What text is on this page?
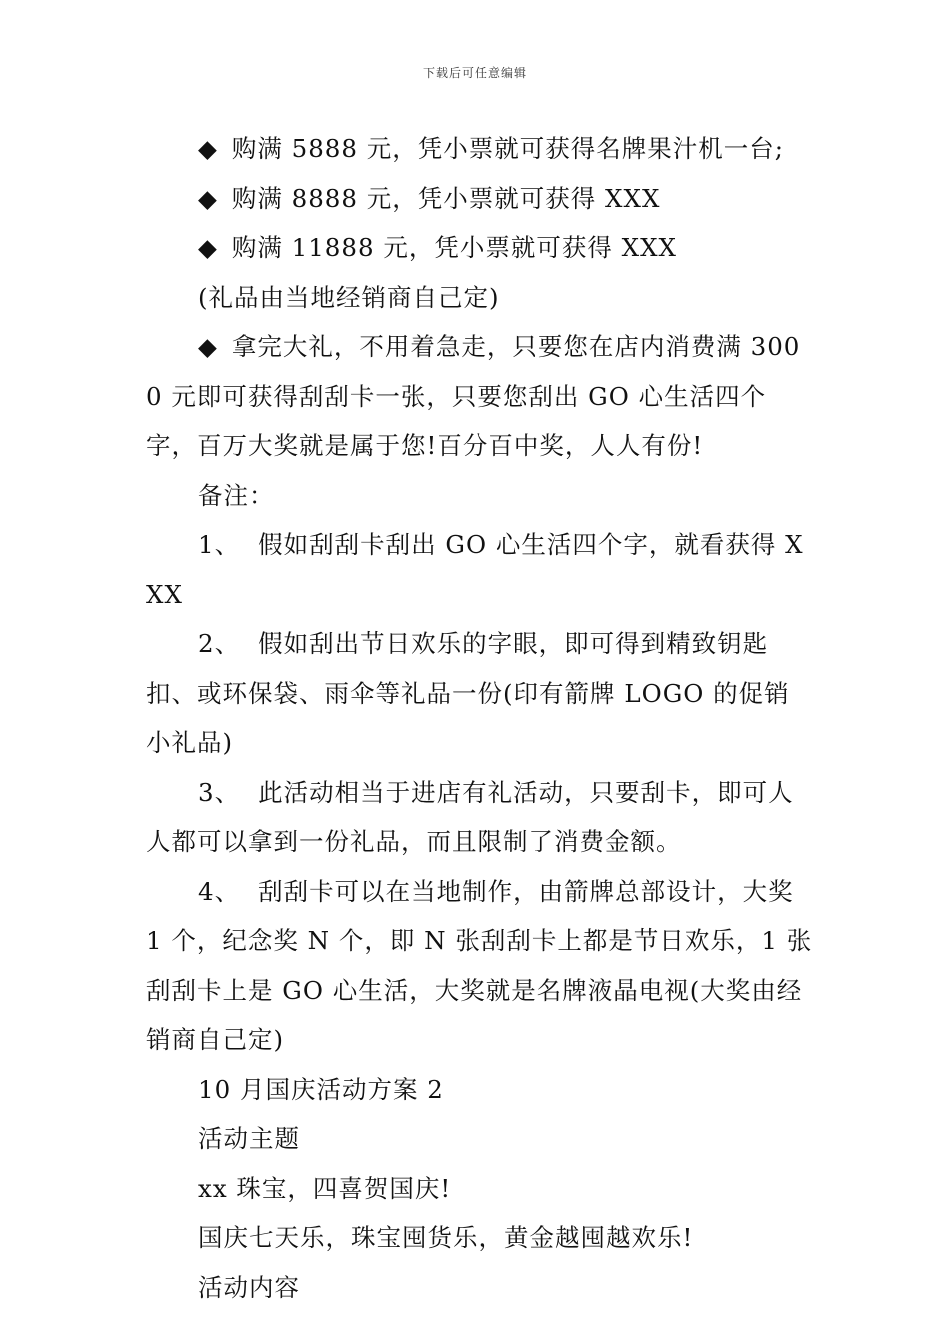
下载后可任意编辑

◆ 购满 5888 元，凭小票就可获得名牌果汁机一台;

◆ 购满 8888 元，凭小票就可获得 XXX

◆ 购满 11888 元，凭小票就可获得 XXX

(礼品由当地经销商自己定)

◆ 拿完大礼，不用着急走，只要您在店内消费满 3000 元即可获得刮刮卡一张，只要您刮出 GO 心生活四个字，百万大奖就是属于您!百分百中奖，人人有份!

备注：

1、 假如刮刮卡刮出 GO 心生活四个字，就看获得 XXX

2、 假如刮出节日欢乐的字眼，即可得到精致钥匙扣、或环保袋、雨伞等礼品一份(印有箭牌 LOGO 的促销小礼品)

3、 此活动相当于进店有礼活动，只要刮卡，即可人人都可以拿到一份礼品，而且限制了消费金额。

4、 刮刮卡可以在当地制作，由箭牌总部设计，大奖 1 个，纪念奖 N 个，即 N 张刮刮卡上都是节日欢乐，1 张刮刮卡上是 GO 心生活，大奖就是名牌液晶电视(大奖由经销商自己定)

10 月国庆活动方案 2

活动主题

xx 珠宝，四喜贺国庆!

国庆七天乐，珠宝囤货乐，黄金越囤越欢乐!

活动内容
